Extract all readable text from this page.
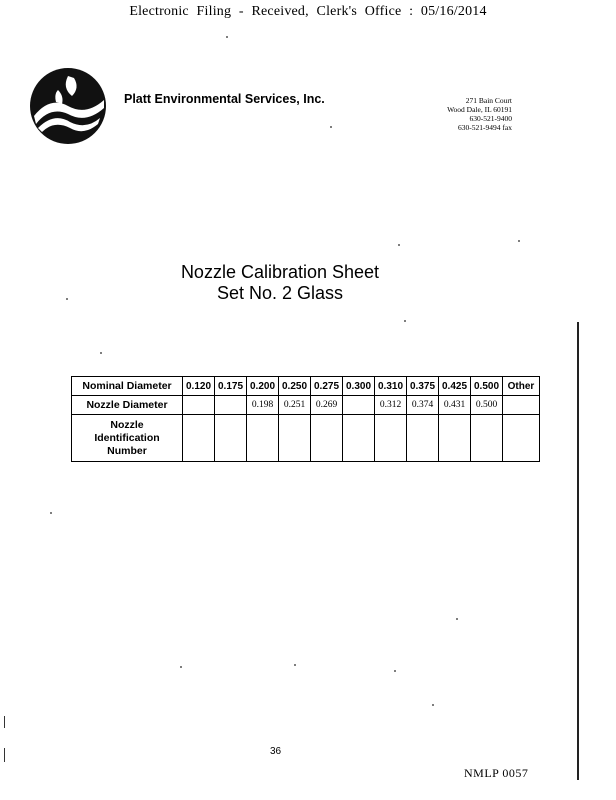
Electronic Filing - Received, Clerk's Office : 05/16/2014
Platt Environmental Services, Inc.	271 Bain Court
Wood Dale, IL 60191
630-521-9400
630-521-9494 fax
Nozzle Calibration Sheet
Set No. 2 Glass
Nominal Diameter	0.120	0.175	0.200	0.250	0.275	0.300	0.310	0.375	0.425	0.500	Other
Nozzle Diameter			0.198	0.251	0.269		0.312	0.374	0.431	0.500	

Nozzle
Identification
Number											

36
NMLP 0057
